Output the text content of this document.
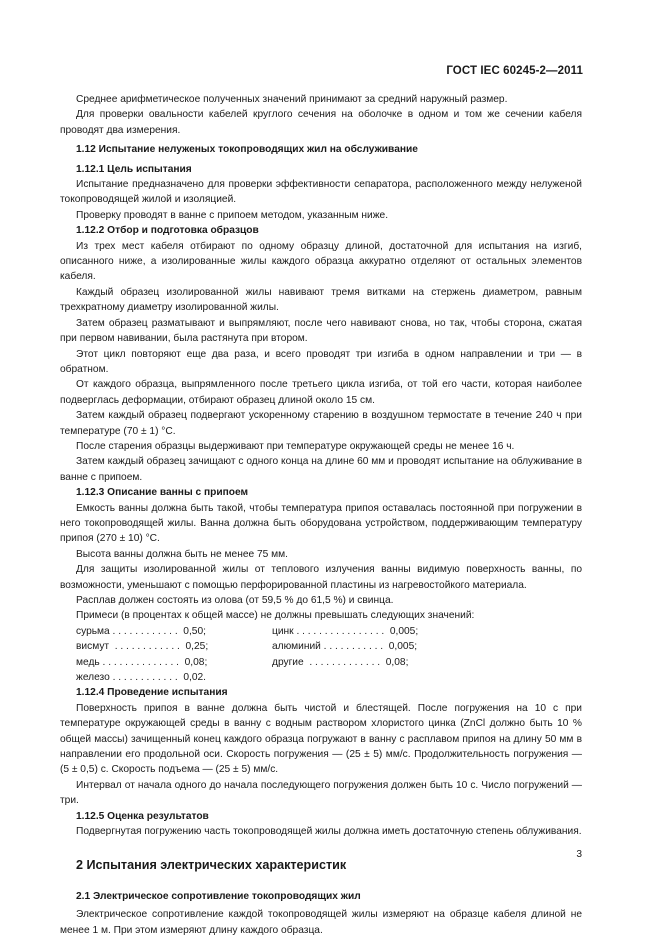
ГОСТ IEC 60245-2—2011

Среднее арифметическое полученных значений принимают за средний наружный размер.

Для проверки овальности кабелей круглого сечения на оболочке в одном и том же сечении кабеля проводят два измерения.

1.12 Испытание нелуженых токопроводящих жил на обслуживание

1.12.1 Цель испытания

Испытание предназначено для проверки эффективности сепаратора, расположенного между нелуженой токопроводящей жилой и изоляцией.

Проверку проводят в ванне с припоем методом, указанным ниже.

1.12.2 Отбор и подготовка образцов

Из трех мест кабеля отбирают по одному образцу длиной, достаточной для испытания на изгиб, описанного ниже, а изолированные жилы каждого образца аккуратно отделяют от остальных элементов кабеля.

Каждый образец изолированной жилы навивают тремя витками на стержень диаметром, равным трехкратному диаметру изолированной жилы.

Затем образец разматывают и выпрямляют, после чего навивают снова, но так, чтобы сторона, сжатая при первом навивании, была растянута при втором.

Этот цикл повторяют еще два раза, и всего проводят три изгиба в одном направлении и три — в обратном.

От каждого образца, выпрямленного после третьего цикла изгиба, от той его части, которая наиболее подверглась деформации, отбирают образец длиной около 15 см.

Затем каждый образец подвергают ускоренному старению в воздушном термостате в течение 240 ч при температуре (70 ± 1) °С.

После старения образцы выдерживают при температуре окружающей среды не менее 16 ч.

Затем каждый образец зачищают с одного конца на длине 60 мм и проводят испытание на облуживание в ванне с припоем.

1.12.3 Описание ванны с припоем

Емкость ванны должна быть такой, чтобы температура припоя оставалась постоянной при погружении в него токопроводящей жилы. Ванна должна быть оборудована устройством, поддерживающим температуру припоя (270 ± 10) °С.

Высота ванны должна быть не менее 75 мм.

Для защиты изолированной жилы от теплового излучения ванны видимую поверхность ванны, по возможности, уменьшают с помощью перфорированной пластины из нагревостойкого материала.

Расплав должен состоять из олова (от 59,5 % до 61,5 %) и свинца.

Примеси (в процентах к общей массе) не должны превышать следующих значений:

сурьма . . . . . . . . . . . .  0,50;	цинк . . . . . . . . . . . . . . . .  0,005;
висмут  . . . . . . . . . . . .  0,25;	алюминий . . . . . . . . . . .  0,005;
медь . . . . . . . . . . . . . .  0,08;	другие  . . . . . . . . . . . . .  0,08;
железо . . . . . . . . . . . .  0,02.

1.12.4 Проведение испытания

Поверхность припоя в ванне должна быть чистой и блестящей. После погружения на 10 с при температуре окружающей среды в ванну с водным раствором хлористого цинка (ZnCl должно быть 10 % общей массы) зачищенный конец каждого образца погружают в ванну с расплавом припоя на длину 50 мм в направлении его продольной оси. Скорость погружения — (25 ± 5) мм/с. Продолжительность погружения — (5 ± 0,5) с. Скорость подъема — (25 ± 5) мм/с.

Интервал от начала одного до начала последующего погружения должен быть 10 с. Число погружений — три.

1.12.5 Оценка результатов

Подвергнутая погружению часть токопроводящей жилы должна иметь достаточную степень облуживания.

2 Испытания электрических характеристик

2.1 Электрическое сопротивление токопроводящих жил

Электрическое сопротивление каждой токопроводящей жилы измеряют на образце кабеля длиной не менее 1 м. При этом измеряют длину каждого образца.

3
